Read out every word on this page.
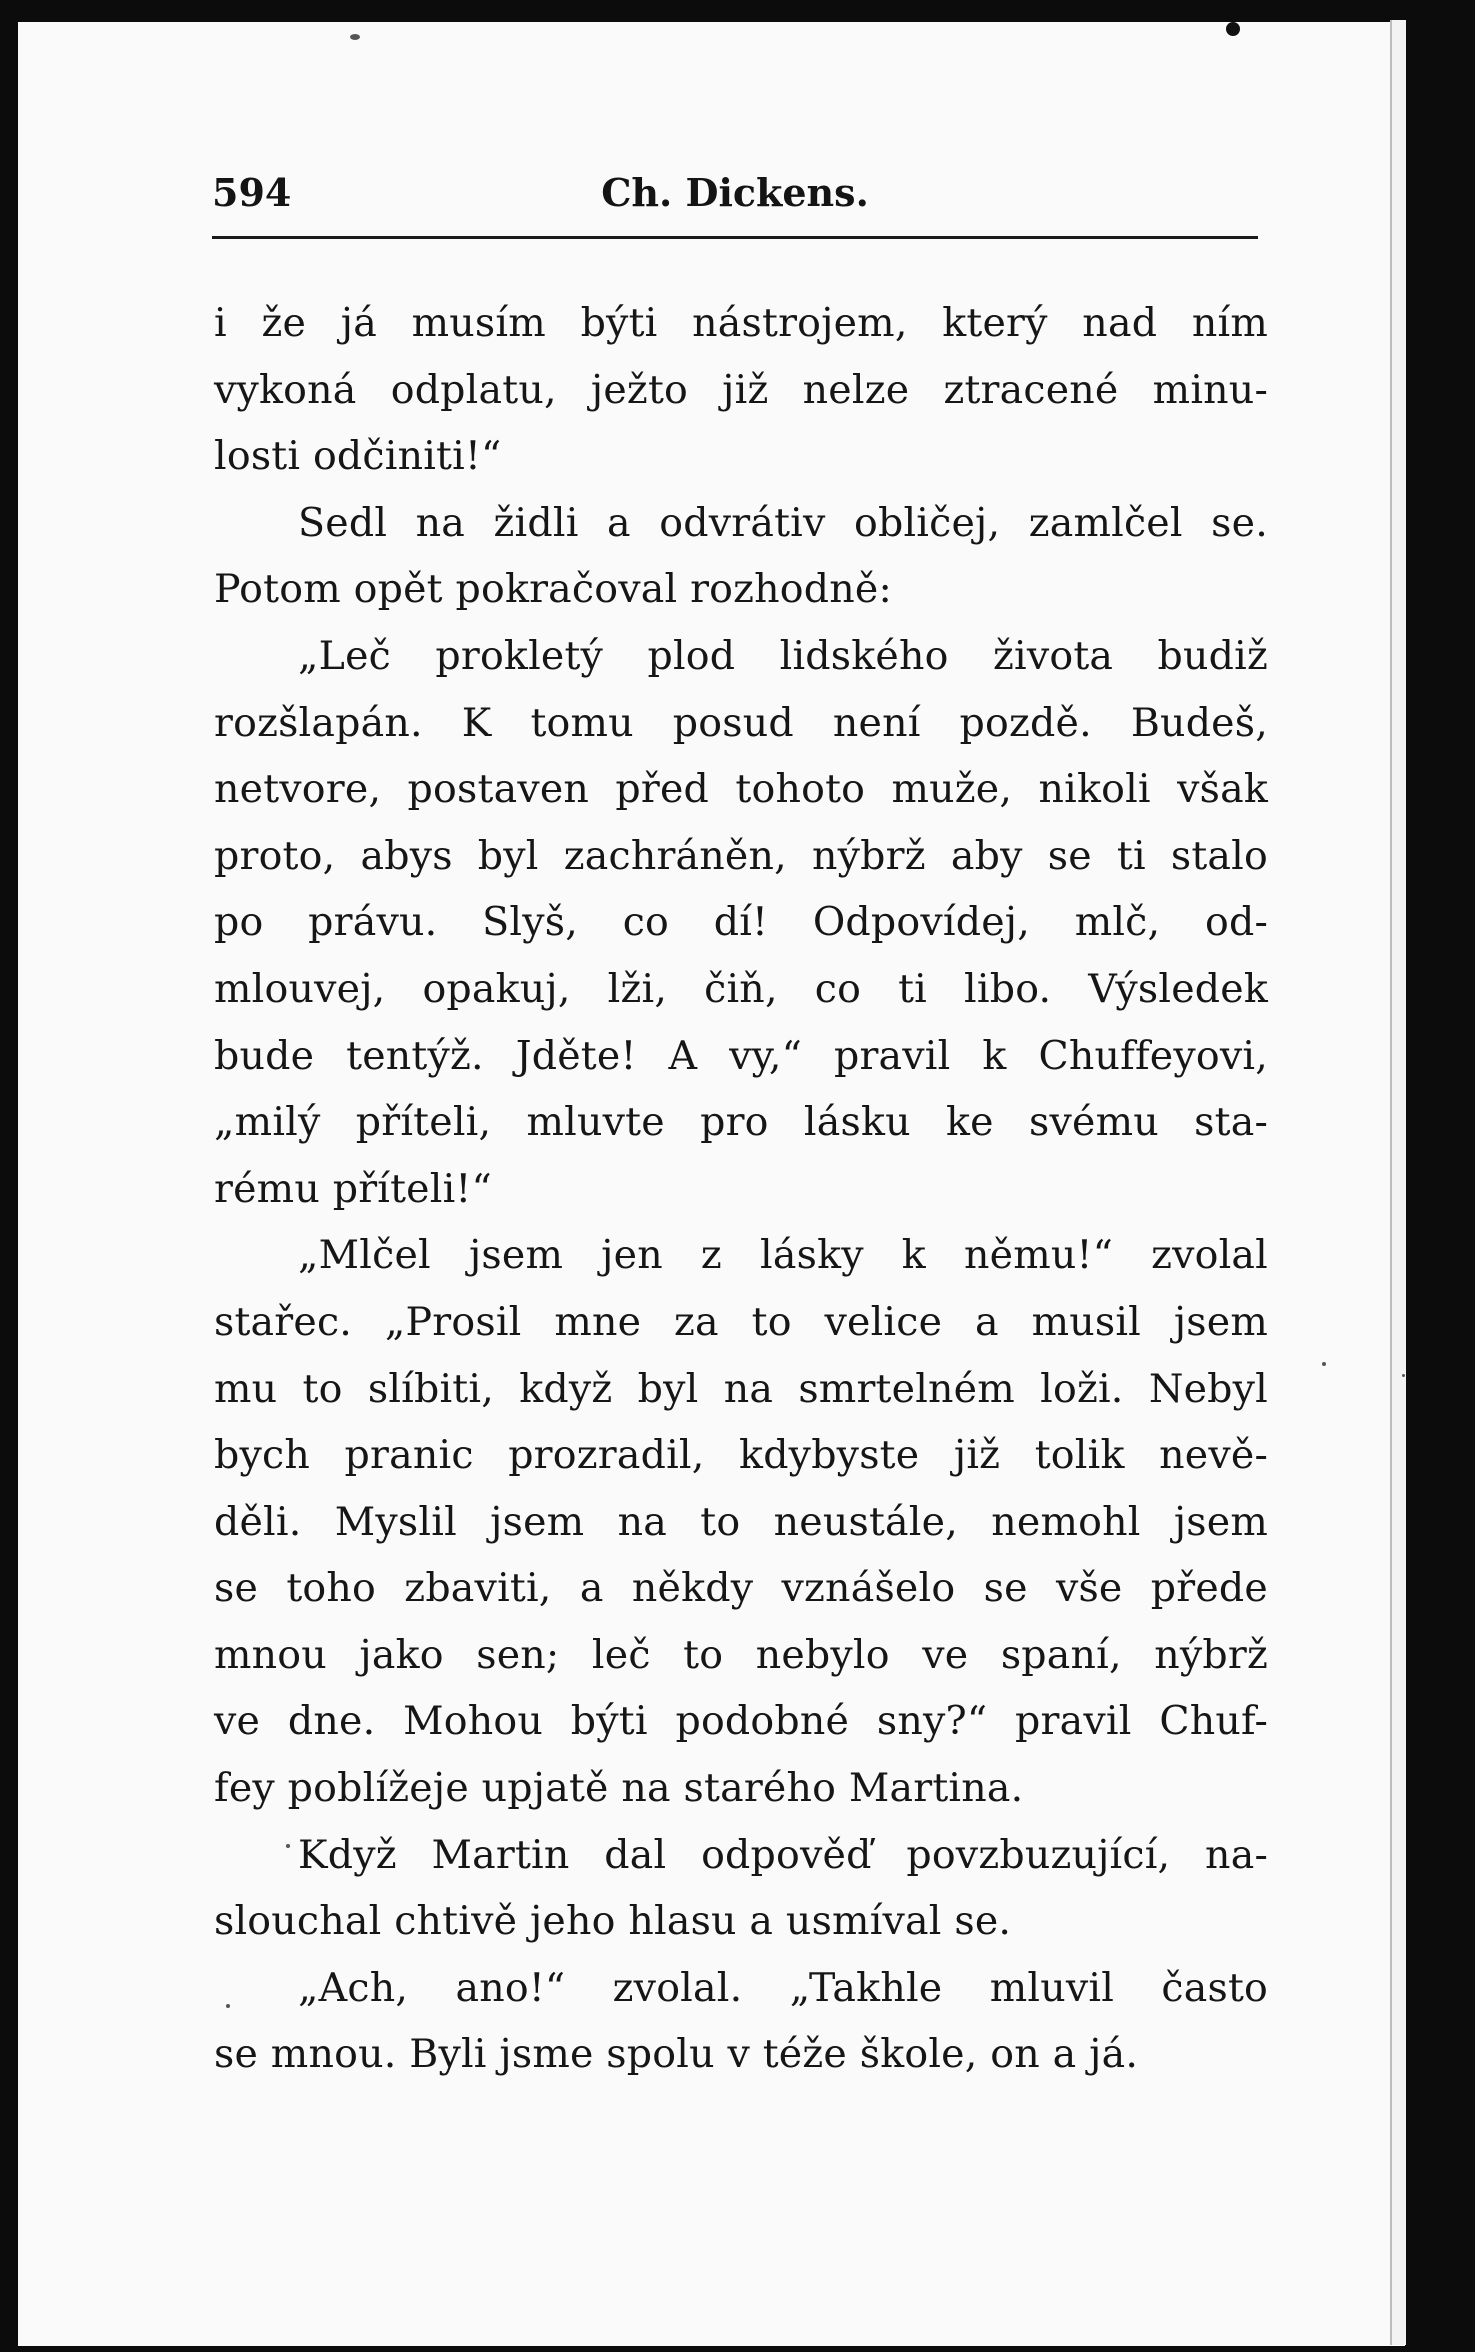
594	Ch. Dickens.
i že já musím býti nástrojem, který nad ním
vykoná odplatu, ježto již nelze ztracené minu-
losti odčiniti!“
Sedl na židli a odvrátiv obličej, zamlčel se.
Potom opět pokračoval rozhodně:
„Leč prokletý plod lidského života budiž
rozšlapán. K tomu posud není pozdě. Budeš,
netvore, postaven před tohoto muže, nikoli však
proto, abys byl zachráněn, nýbrž aby se ti stalo
po právu. Slyš, co dí! Odpovídej, mlč, od-
mlouvej, opakuj, lži, čiň, co ti libo. Výsledek
bude tentýž. Jděte! A vy,“ pravil k Chuffeyovi,
„milý příteli, mluvte pro lásku ke svému sta-
rému příteli!“
„Mlčel jsem jen z lásky k němu!“ zvolal
stařec. „Prosil mne za to velice a musil jsem
mu to slíbiti, když byl na smrtelném loži. Nebyl
bych pranic prozradil, kdybyste již tolik nevě-
děli. Myslil jsem na to neustále, nemohl jsem
se toho zbaviti, a někdy vznášelo se vše přede
mnou jako sen; leč to nebylo ve spaní, nýbrž
ve dne. Mohou býti podobné sny?“ pravil Chuf-
fey poblížeje upjatě na starého Martina.
Když Martin dal odpověď povzbuzující, na-
slouchal chtivě jeho hlasu a usmíval se.
„Ach, ano!“ zvolal. „Takhle mluvil často
se mnou. Byli jsme spolu v téže škole, on a já.
